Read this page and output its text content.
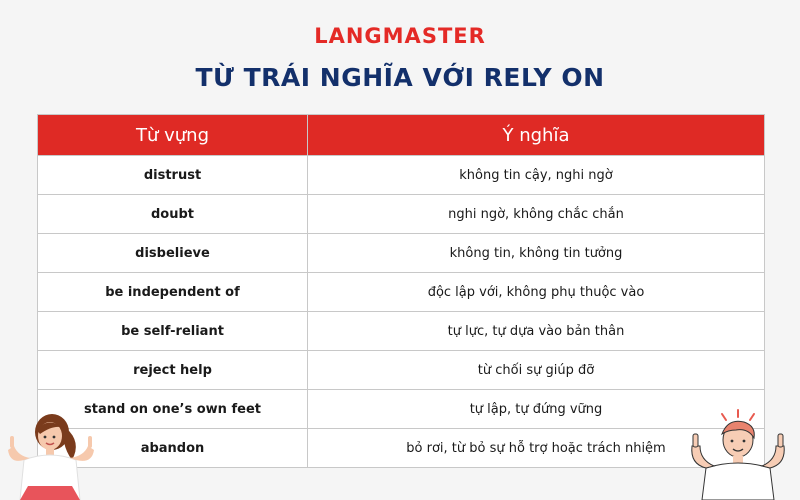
LANGMASTER
TỪ TRÁI NGHĨA VỚI RELY ON
Từ vựng	Ý nghĩa
distrust	không tin cậy, nghi ngờ
doubt	nghi ngờ, không chắc chắn
disbelieve	không tin, không tin tưởng
be independent of	độc lập với, không phụ thuộc vào
be self-reliant	tự lực, tự dựa vào bản thân
reject help	từ chối sự giúp đỡ
stand on one’s own feet	tự lập, tự đứng vững
abandon	bỏ rơi, từ bỏ sự hỗ trợ hoặc trách nhiệm
